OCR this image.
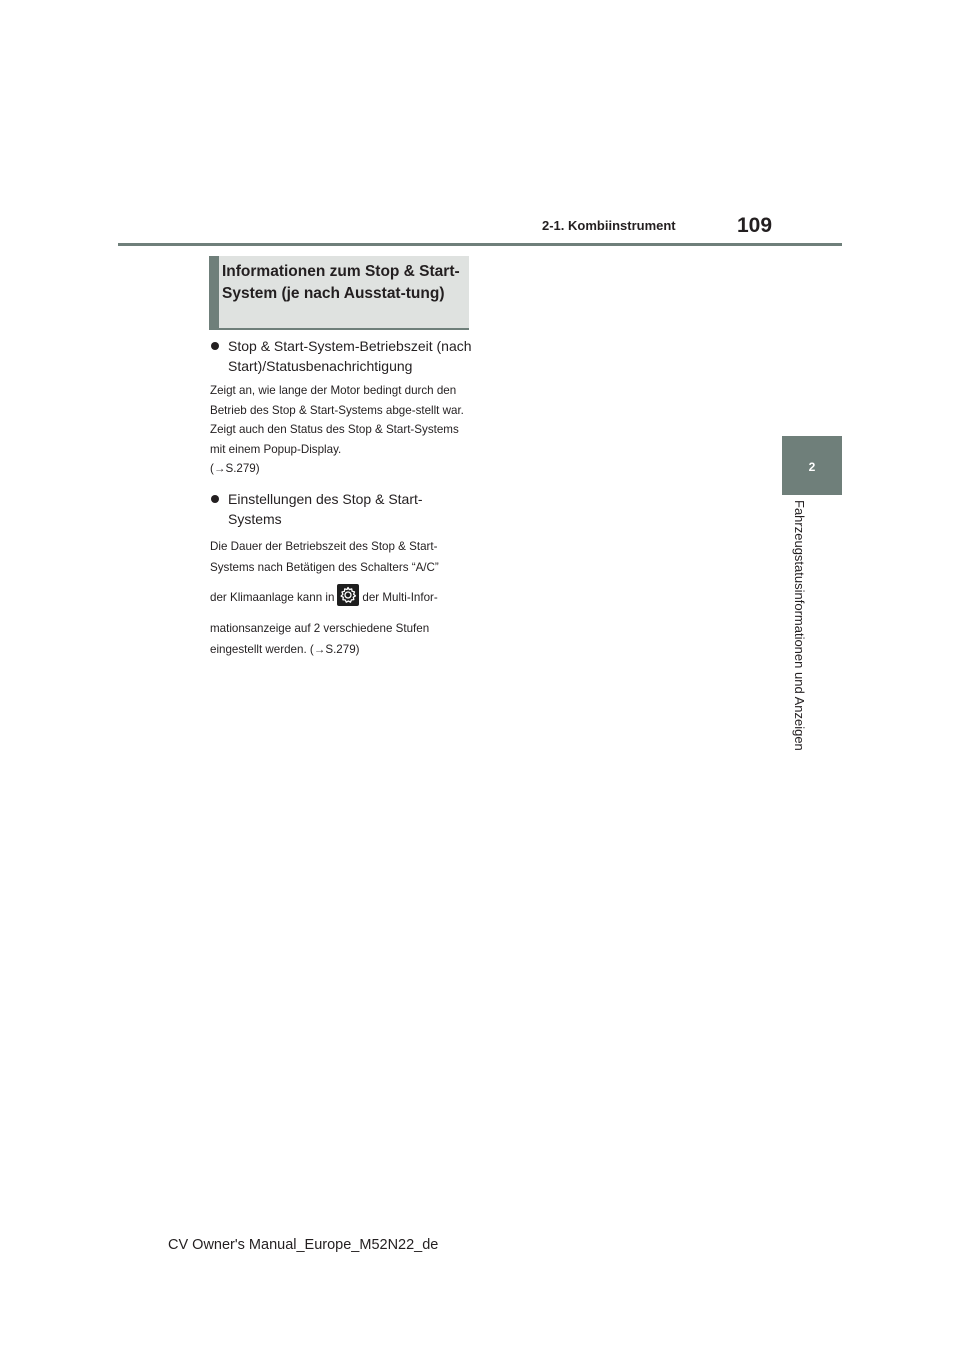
2-1. Kombiinstrument	109
2
Fahrzeugstatusinformationen und Anzeigen
Informationen zum Stop & Start-System (je nach Ausstat-tung)
Stop & Start-System-Betriebszeit (nach Start)/Statusbenachrichtigung

Zeigt an, wie lange der Motor bedingt durch den Betrieb des Stop & Start-Systems abge-stellt war.

Zeigt auch den Status des Stop & Start-Systems mit einem Popup-Display.

(→S.279)

Einstellungen des Stop & Start-Systems

Die Dauer der Betriebszeit des Stop & Start-
Systems nach Betätigen des Schalters “A/C”
der Klimaanlage kann in der Multi-Infor-
mationsanzeige auf 2 verschiedene Stufen
eingestellt werden. (→S.279)

CV Owner's Manual_Europe_M52N22_de
